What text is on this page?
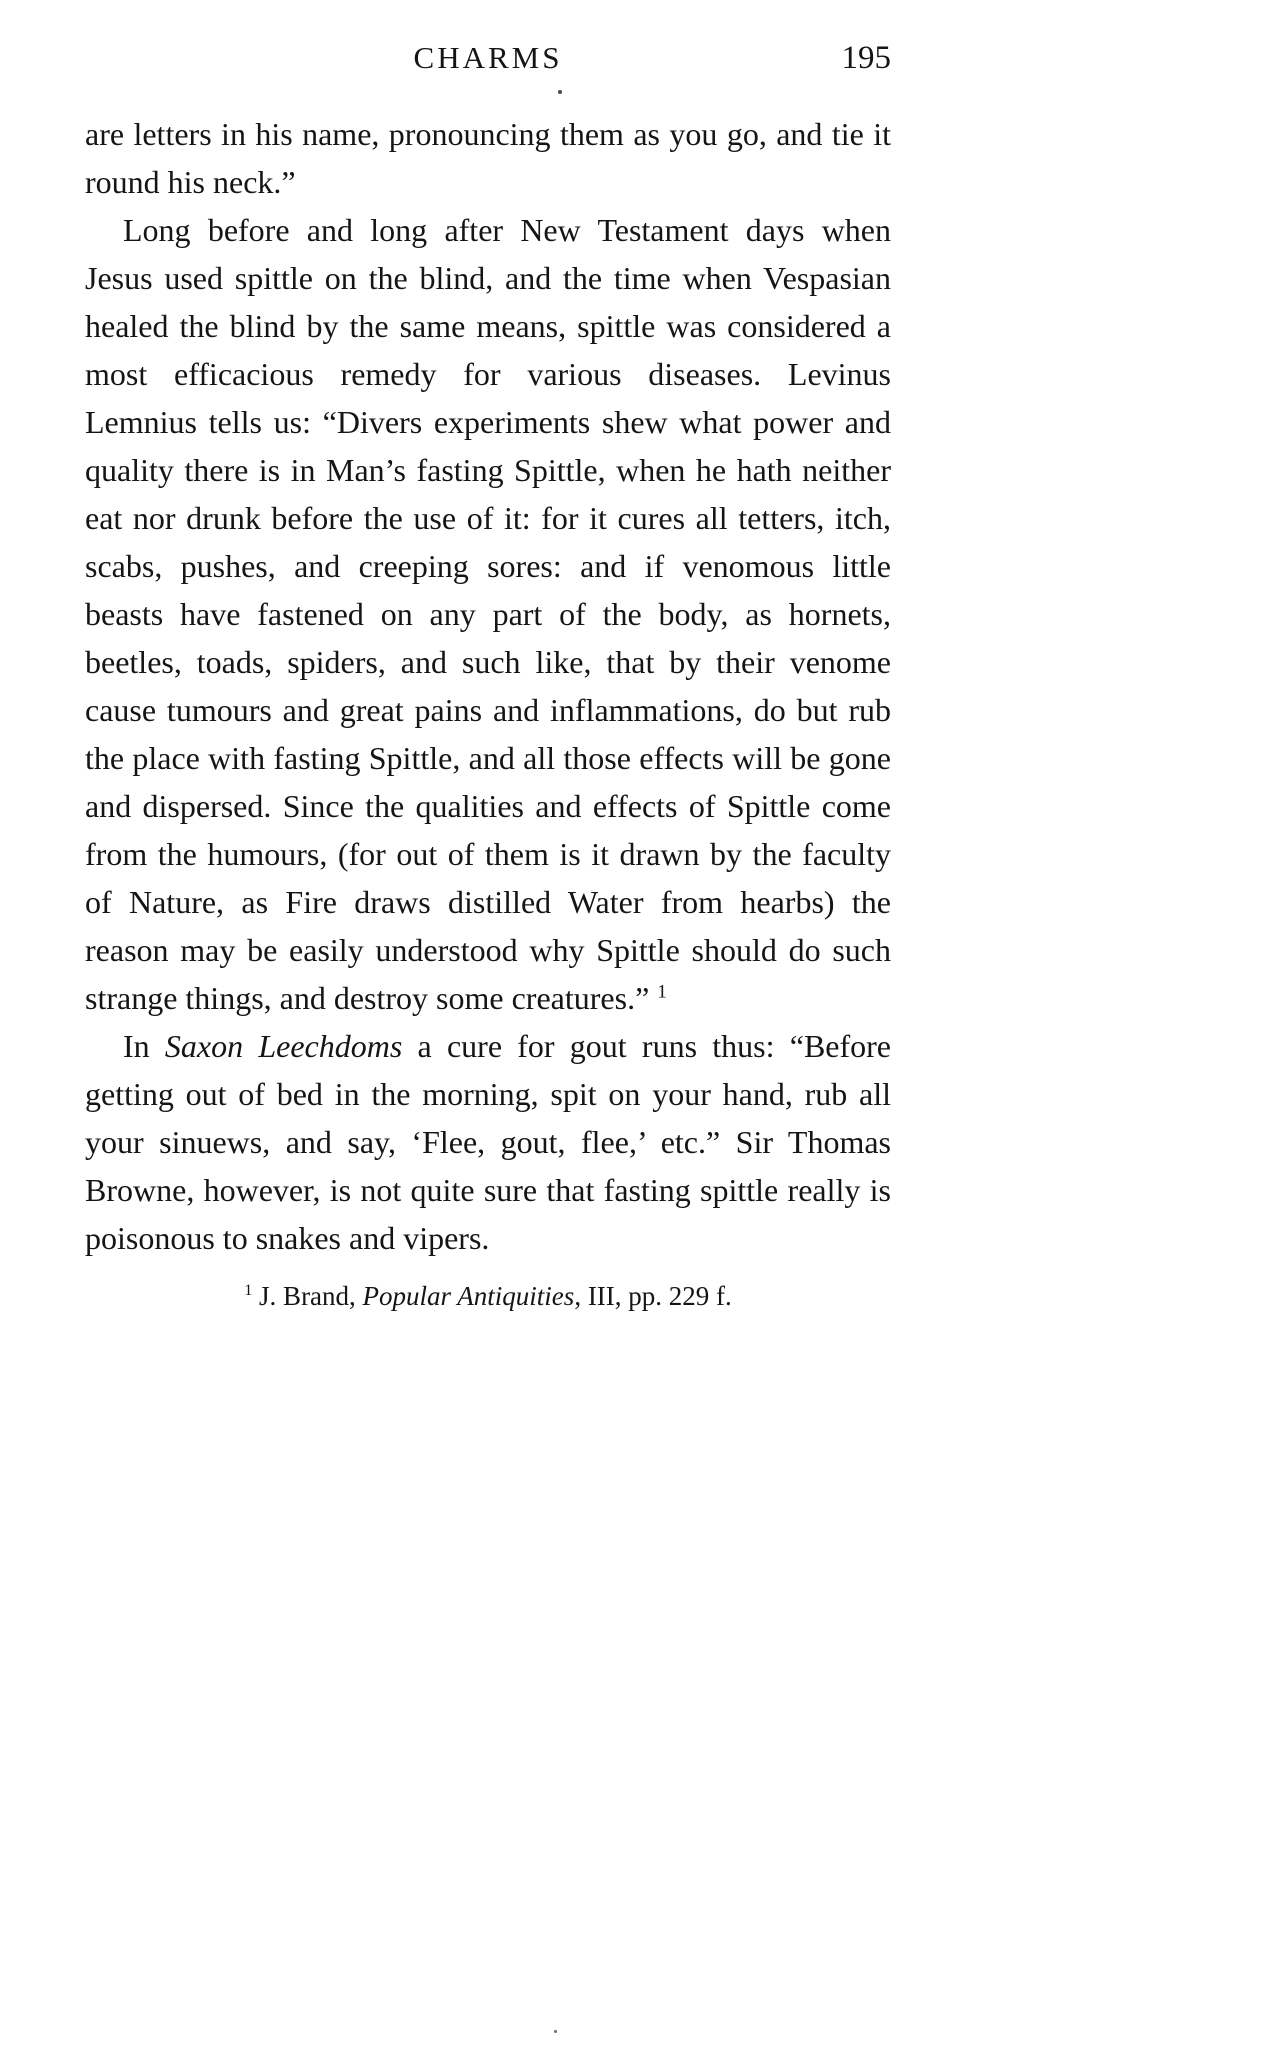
CHARMS	195

are letters in his name, pronouncing them as you go, and tie it round his neck.”

Long before and long after New Testament days when Jesus used spittle on the blind, and the time when Vespasian healed the blind by the same means, spittle was considered a most efficacious remedy for various diseases. Levinus Lemnius tells us: “Divers experiments shew what power and quality there is in Man’s fasting Spittle, when he hath neither eat nor drunk before the use of it: for it cures all tetters, itch, scabs, pushes, and creeping sores: and if venomous little beasts have fastened on any part of the body, as hornets, beetles, toads, spiders, and such like, that by their venome cause tumours and great pains and inflammations, do but rub the place with fasting Spittle, and all those effects will be gone and dispersed. Since the qualities and effects of Spittle come from the humours, (for out of them is it drawn by the faculty of Nature, as Fire draws distilled Water from hearbs) the reason may be easily understood why Spittle should do such strange things, and destroy some creatures.” $^1$

In Saxon Leechdoms a cure for gout runs thus: “Before getting out of bed in the morning, spit on your hand, rub all your sinuews, and say, ‘Flee, gout, flee,’ etc.” Sir Thomas Browne, however, is not quite sure that fasting spittle really is poisonous to snakes and vipers.

$^1$ J. Brand, Popular Antiquities, III, pp. 229 f.
